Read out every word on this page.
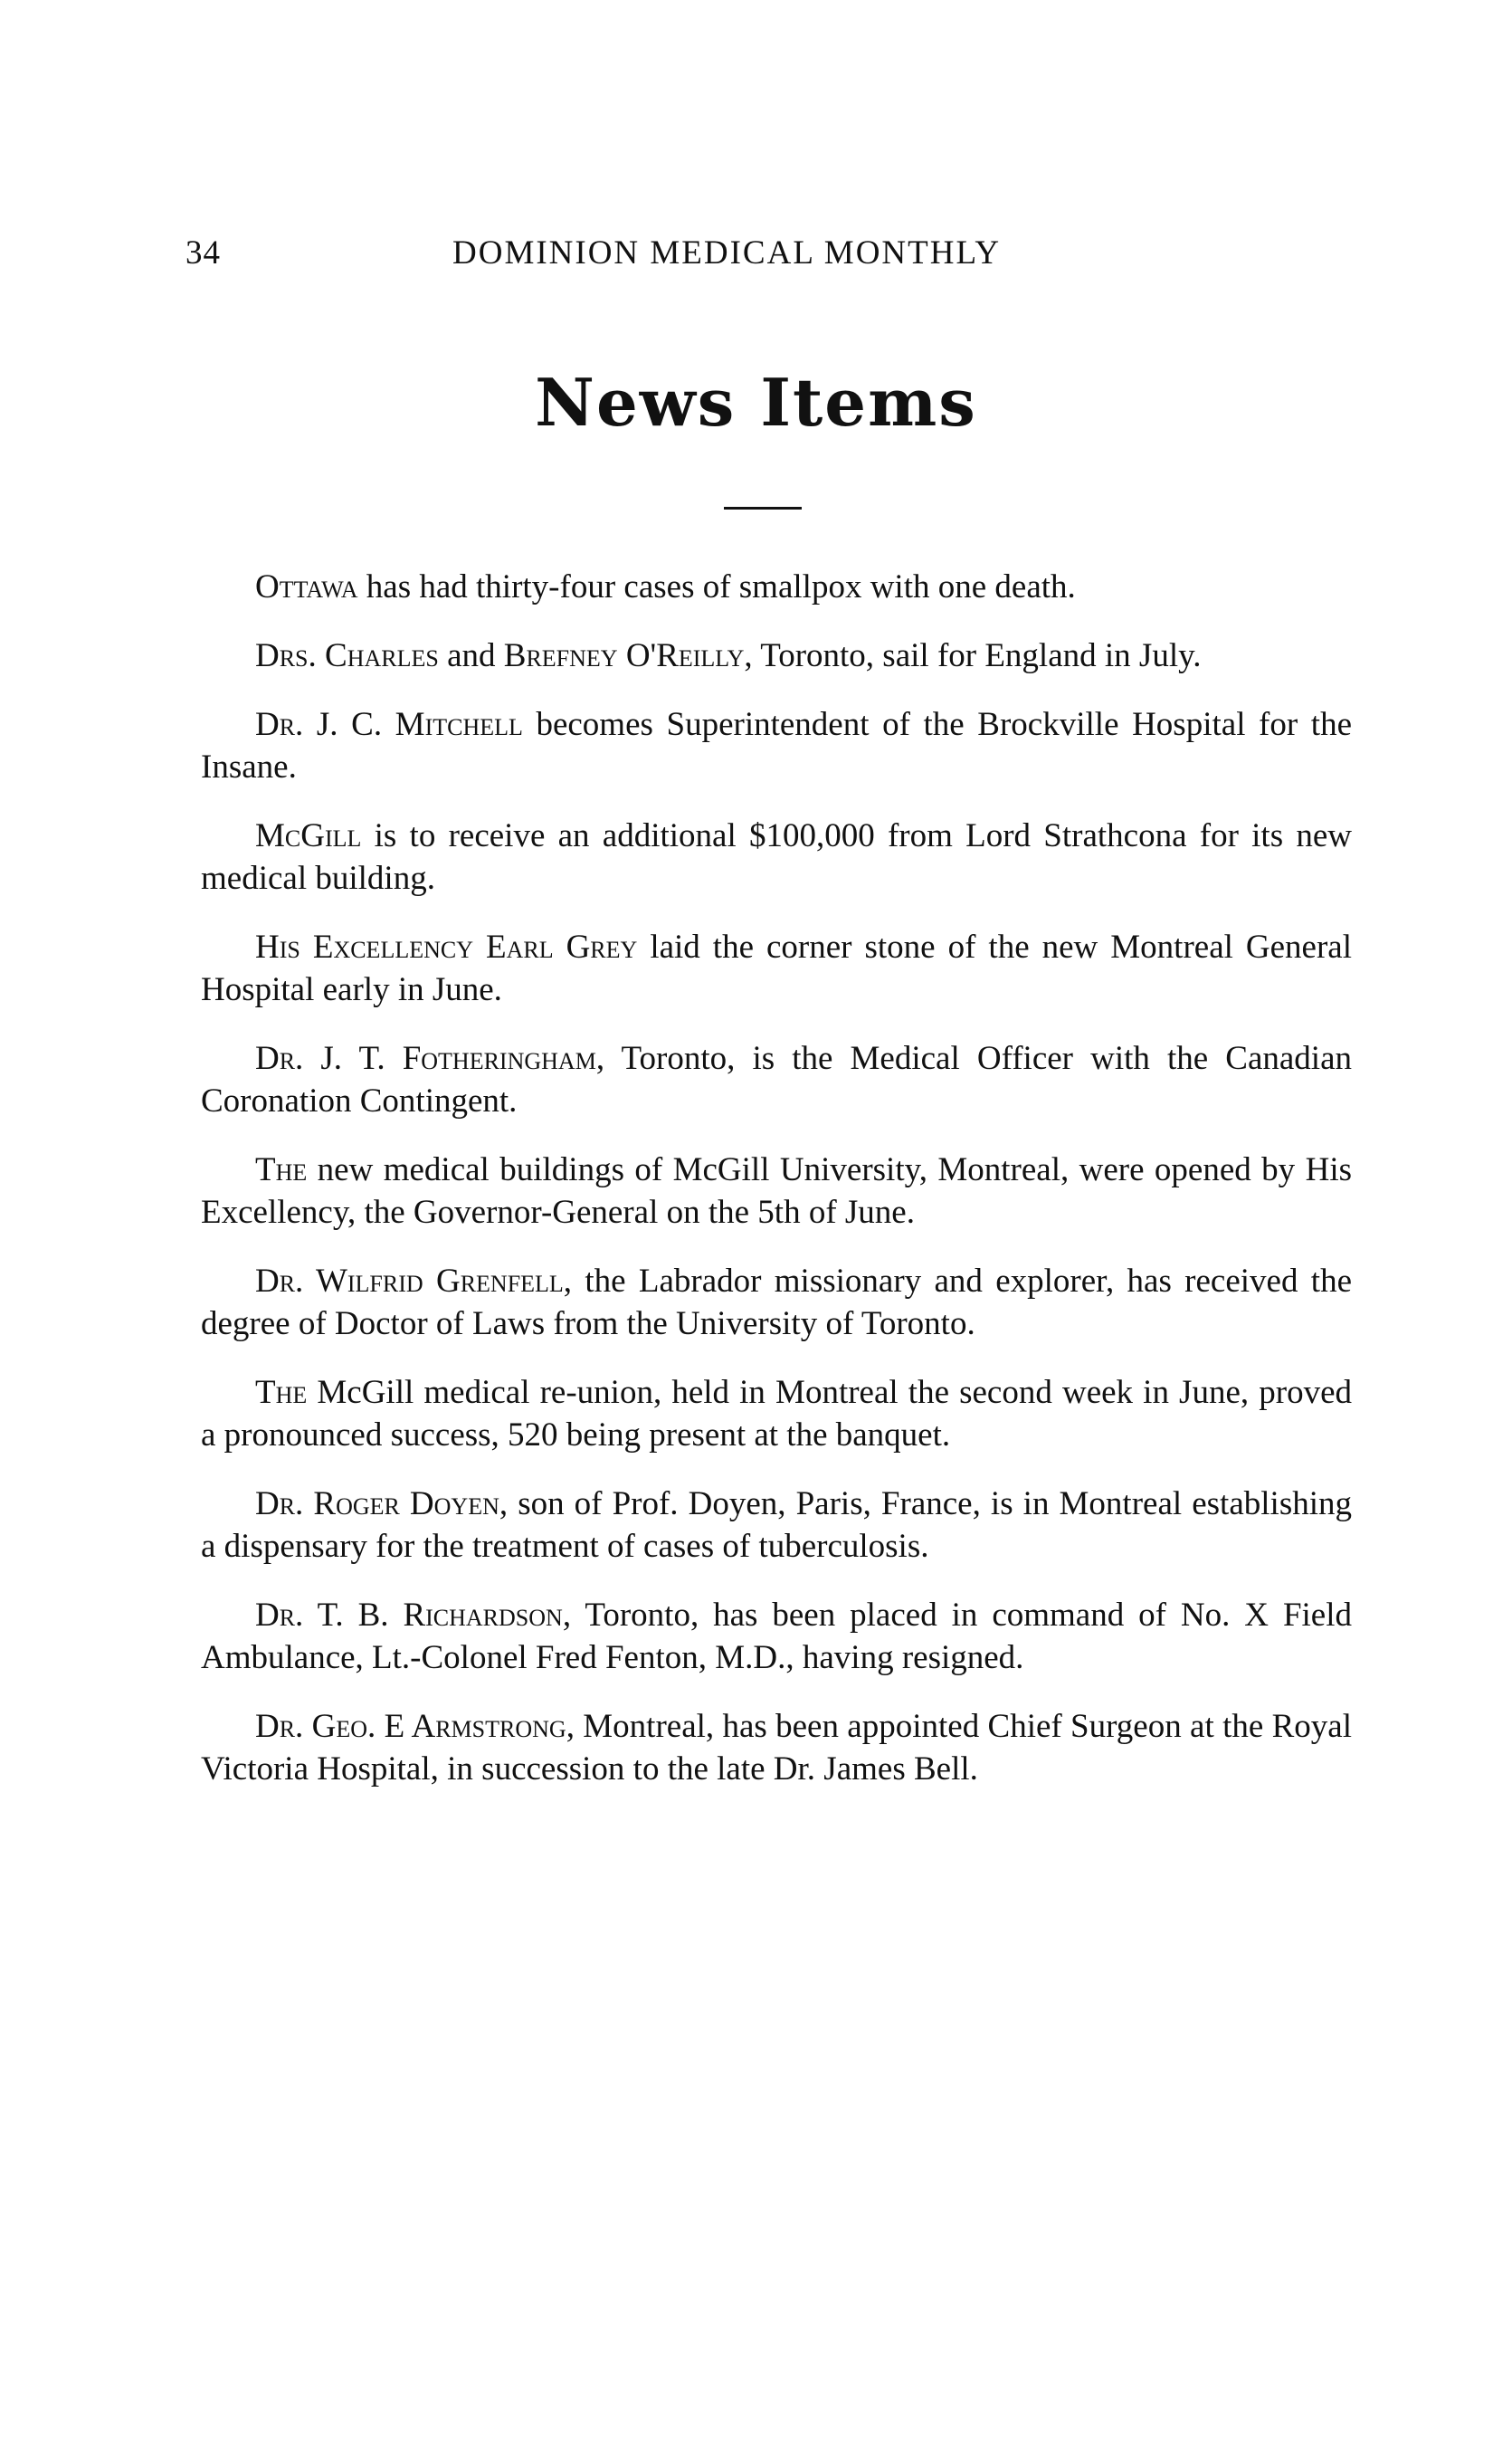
34	DOMINION MEDICAL MONTHLY
News Items

Ottawa has had thirty-four cases of smallpox with one death.

Drs. Charles and Brefney O'Reilly, Toronto, sail for England in July.

Dr. J. C. Mitchell becomes Superintendent of the Brockville Hospital for the Insane.

McGill is to receive an additional $100,000 from Lord Strathcona for its new medical building.

His Excellency Earl Grey laid the corner stone of the new Montreal General Hospital early in June.

Dr. J. T. Fotheringham, Toronto, is the Medical Officer with the Canadian Coronation Contingent.

The new medical buildings of McGill University, Montreal, were opened by His Excellency, the Governor-General on the 5th of June.

Dr. Wilfrid Grenfell, the Labrador missionary and explorer, has received the degree of Doctor of Laws from the University of Toronto.

The McGill medical re-union, held in Montreal the second week in June, proved a pronounced success, 520 being present at the banquet.

Dr. Roger Doyen, son of Prof. Doyen, Paris, France, is in Montreal establishing a dispensary for the treatment of cases of tuberculosis.

Dr. T. B. Richardson, Toronto, has been placed in command of No. X Field Ambulance, Lt.-Colonel Fred Fenton, M.D., having resigned.

Dr. Geo. E Armstrong, Montreal, has been appointed Chief Surgeon at the Royal Victoria Hospital, in succession to the late Dr. James Bell.
